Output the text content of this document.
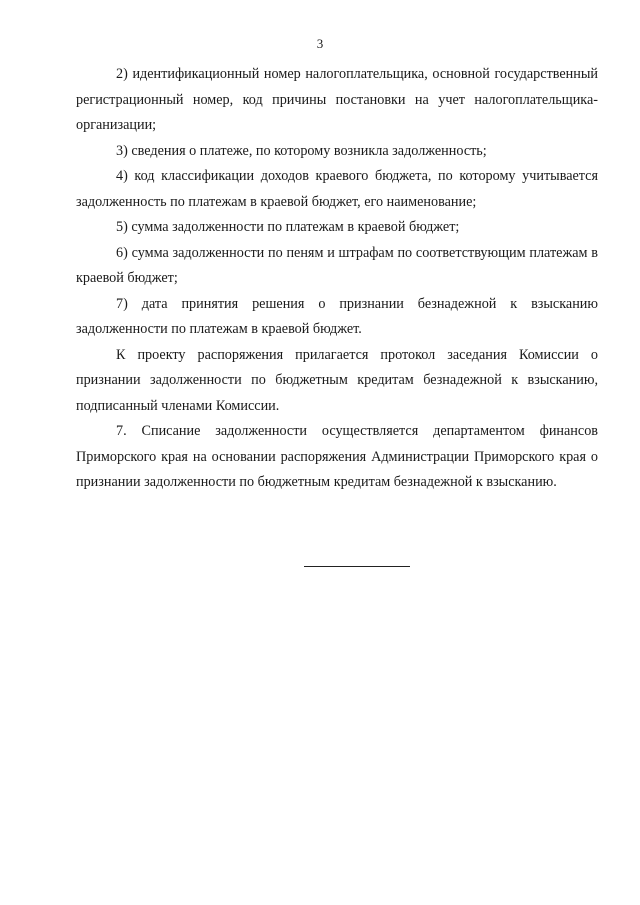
3

2) идентификационный номер налогоплательщика, основной государственный регистрационный номер, код причины постановки на учет налогоплательщика-организации;

3) сведения о платеже, по которому возникла задолженность;

4) код классификации доходов краевого бюджета, по которому учитывается задолженность по платежам в краевой бюджет, его наименование;

5) сумма задолженности по платежам в краевой бюджет;

6) сумма задолженности по пеням и штрафам по соответствующим платежам в краевой бюджет;

7) дата принятия решения о признании безнадежной к взысканию задолженности по платежам в краевой бюджет.

К проекту распоряжения прилагается протокол заседания Комиссии о признании задолженности по бюджетным кредитам безнадежной к взысканию, подписанный членами Комиссии.

7. Списание задолженности осуществляется департаментом финансов Приморского края на основании распоряжения Администрации Приморского края о признании задолженности по бюджетным кредитам безнадежной к взысканию.
